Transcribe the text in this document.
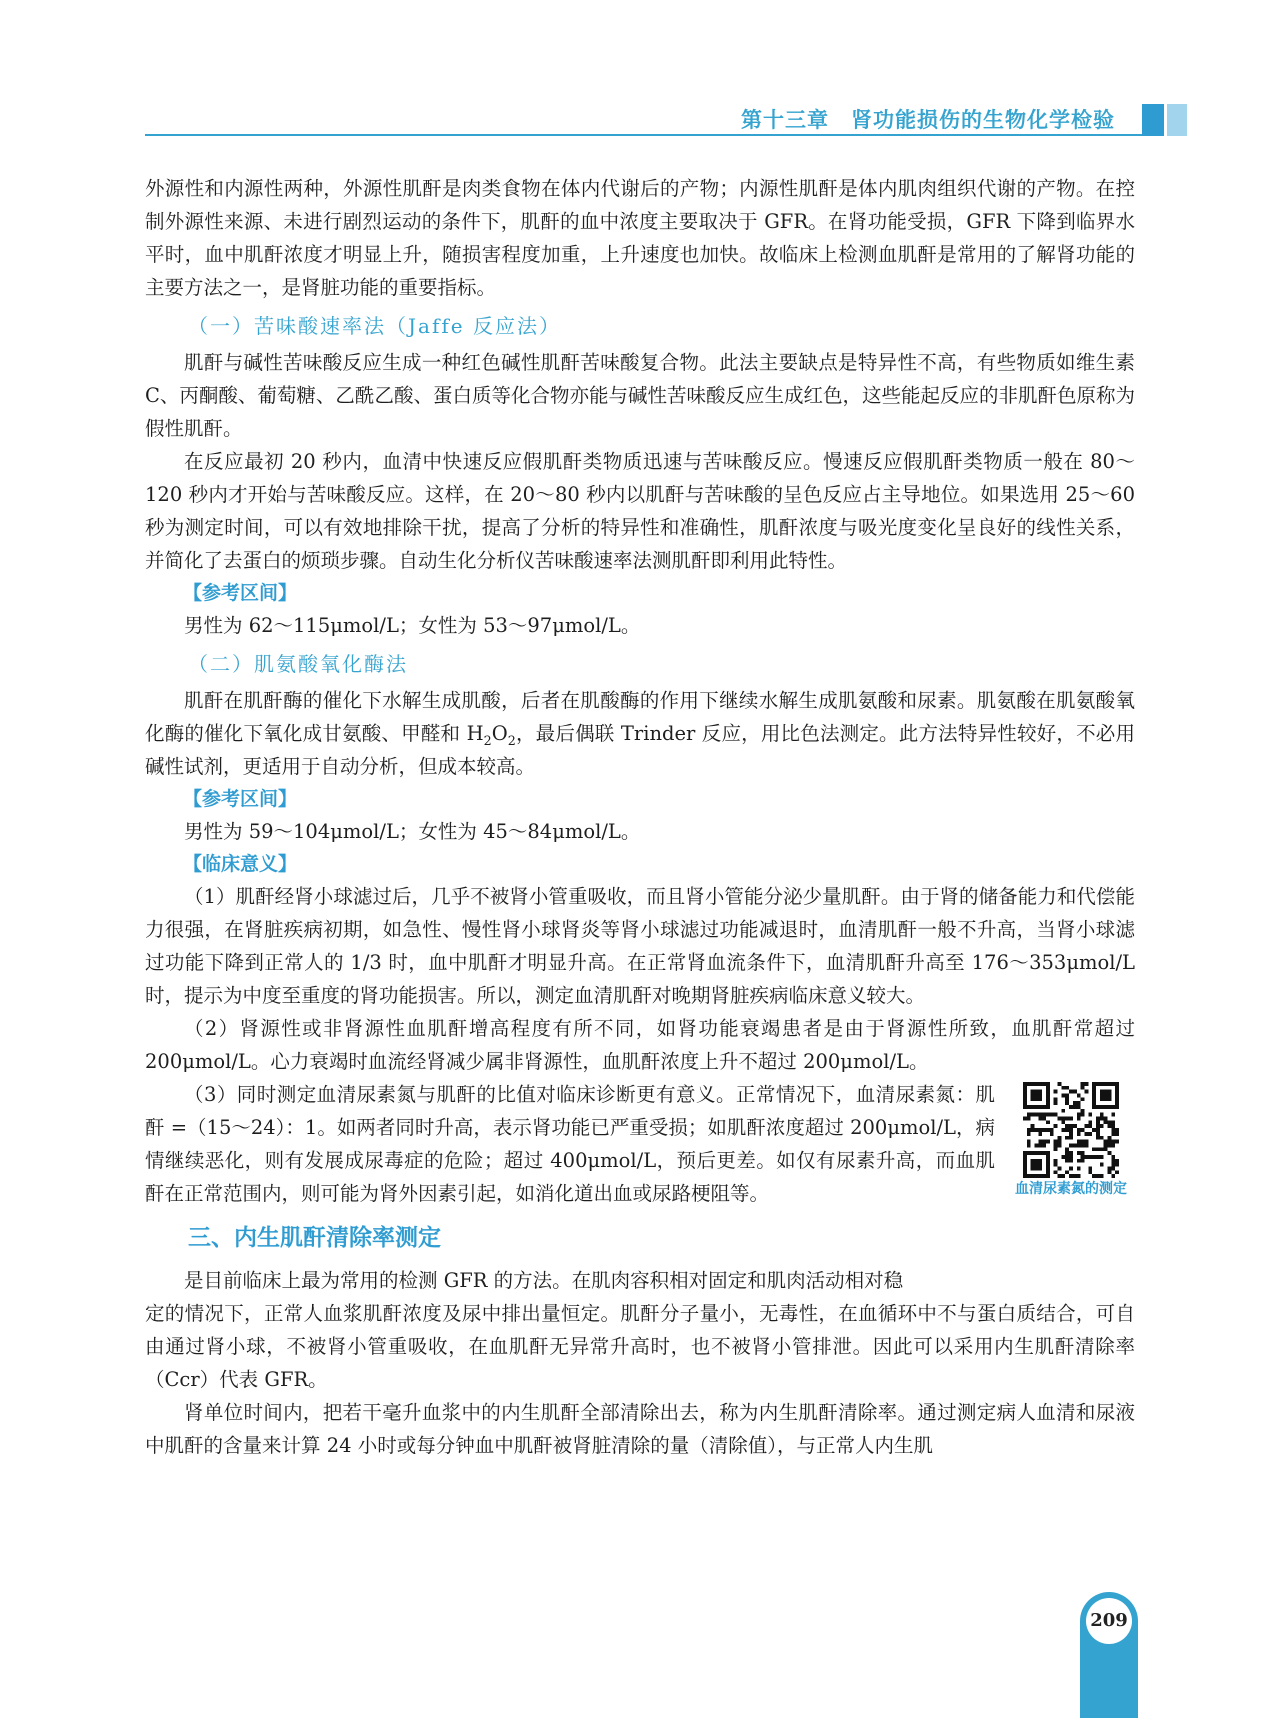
第十三章　肾功能损伤的生物化学检验

外源性和内源性两种，外源性肌酐是肉类食物在体内代谢后的产物；内源性肌酐是体内肌肉组织代谢的产物。在控制外源性来源、未进行剧烈运动的条件下，肌酐的血中浓度主要取决于 GFR。在肾功能受损，GFR 下降到临界水平时，血中肌酐浓度才明显上升，随损害程度加重，上升速度也加快。故临床上检测血肌酐是常用的了解肾功能的主要方法之一，是肾脏功能的重要指标。

（一）苦味酸速率法（Jaffe 反应法）

肌酐与碱性苦味酸反应生成一种红色碱性肌酐苦味酸复合物。此法主要缺点是特异性不高，有些物质如维生素 C、丙酮酸、葡萄糖、乙酰乙酸、蛋白质等化合物亦能与碱性苦味酸反应生成红色，这些能起反应的非肌酐色原称为假性肌酐。

在反应最初 20 秒内，血清中快速反应假肌酐类物质迅速与苦味酸反应。慢速反应假肌酐类物质一般在 80～120 秒内才开始与苦味酸反应。这样，在 20～80 秒内以肌酐与苦味酸的呈色反应占主导地位。如果选用 25～60 秒为测定时间，可以有效地排除干扰，提高了分析的特异性和准确性，肌酐浓度与吸光度变化呈良好的线性关系，并简化了去蛋白的烦琐步骤。自动生化分析仪苦味酸速率法测肌酐即利用此特性。

【参考区间】

男性为 62～115μmol/L；女性为 53～97μmol/L。

（二）肌氨酸氧化酶法

肌酐在肌酐酶的催化下水解生成肌酸，后者在肌酸酶的作用下继续水解生成肌氨酸和尿素。肌氨酸在肌氨酸氧化酶的催化下氧化成甘氨酸、甲醛和 $H_2O_2$，最后偶联 Trinder 反应，用比色法测定。此方法特异性较好，不必用碱性试剂，更适用于自动分析，但成本较高。

【参考区间】

男性为 59～104μmol/L；女性为 45～84μmol/L。

【临床意义】

（1）肌酐经肾小球滤过后，几乎不被肾小管重吸收，而且肾小管能分泌少量肌酐。由于肾的储备能力和代偿能力很强，在肾脏疾病初期，如急性、慢性肾小球肾炎等肾小球滤过功能减退时，血清肌酐一般不升高，当肾小球滤过功能下降到正常人的 1/3 时，血中肌酐才明显升高。在正常肾血流条件下，血清肌酐升高至 176～353μmol/L 时，提示为中度至重度的肾功能损害。所以，测定血清肌酐对晚期肾脏疾病临床意义较大。

（2）肾源性或非肾源性血肌酐增高程度有所不同，如肾功能衰竭患者是由于肾源性所致，血肌酐常超过 200μmol/L。心力衰竭时血流经肾减少属非肾源性，血肌酐浓度上升不超过 200μmol/L。

（3）同时测定血清尿素氮与肌酐的比值对临床诊断更有意义。正常情况下，血清尿素氮：肌酐 =（15～24）：1。如两者同时升高，表示肾功能已严重受损；如肌酐浓度超过 200μmol/L，病情继续恶化，则有发展成尿毒症的危险；超过 400μmol/L，预后更差。如仅有尿素升高，而血肌酐在正常范围内，则可能为肾外因素引起，如消化道出血或尿路梗阻等。	血清尿素氮的测定
三、内生肌酐清除率测定

是目前临床上最为常用的检测 GFR 的方法。在肌肉容积相对固定和肌肉活动相对稳

定的情况下，正常人血浆肌酐浓度及尿中排出量恒定。肌酐分子量小，无毒性，在血循环中不与蛋白质结合，可自由通过肾小球，不被肾小管重吸收，在血肌酐无异常升高时，也不被肾小管排泄。因此可以采用内生肌酐清除率（Ccr）代表 GFR。

肾单位时间内，把若干毫升血浆中的内生肌酐全部清除出去，称为内生肌酐清除率。通过测定病人血清和尿液中肌酐的含量来计算 24 小时或每分钟血中肌酐被肾脏清除的量（清除值），与正常人内生肌

209
